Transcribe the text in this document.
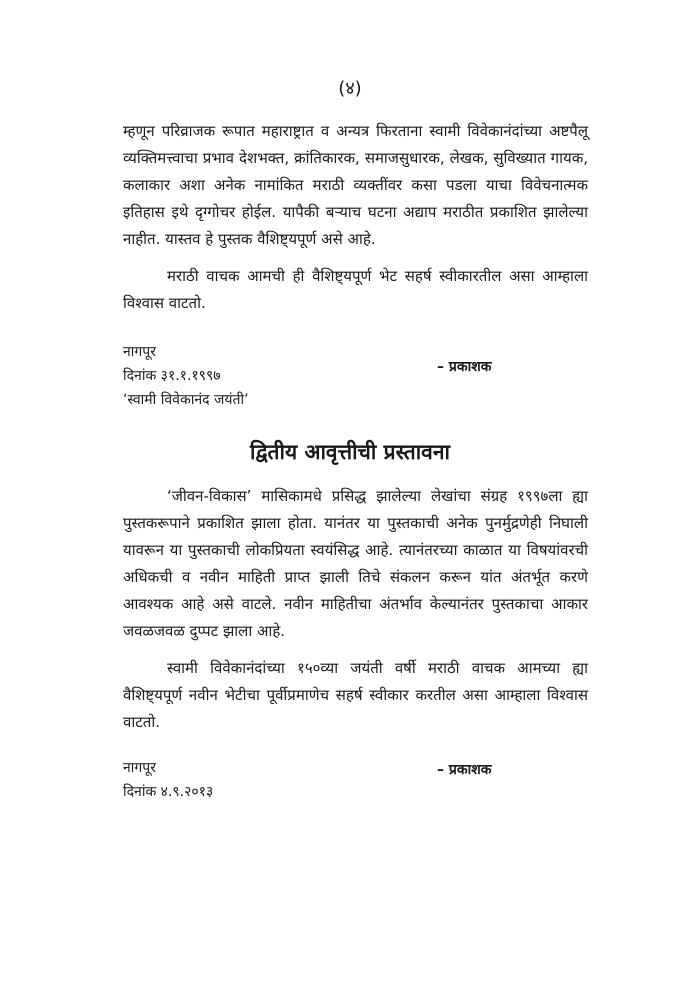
(४)

म्हणून परिव्राजक रूपात महाराष्ट्रात व अन्यत्र फिरताना स्वामी विवेकानंदांच्या अष्टपैलू व्यक्तिमत्त्वाचा प्रभाव देशभक्त, क्रांतिकारक, समाजसुधारक, लेखक, सुविख्यात गायक, कलाकार अशा अनेक नामांकित मराठी व्यक्तींवर कसा पडला याचा विवेचनात्मक इतिहास इथे दृग्गोचर होईल. यापैकी बऱ्याच घटना अद्याप मराठीत प्रकाशित झालेल्या नाहीत. यास्तव हे पुस्तक वैशिष्ट्यपूर्ण असे आहे.

मराठी वाचक आमची ही वैशिष्ट्यपूर्ण भेट सहर्ष स्वीकारतील असा आम्हाला विश्वास वाटतो.

नागपूर
दिनांक ३१.१.१९९७
‘स्वामी विवेकानंद जयंती’
– प्रकाशक
द्वितीय आवृत्तीची प्रस्तावना

‘जीवन-विकास’ मासिकामधे प्रसिद्ध झालेल्या लेखांचा संग्रह १९९७ला ह्या पुस्तकरूपाने प्रकाशित झाला होता. यानंतर या पुस्तकाची अनेक पुनर्मुद्रणेही निघाली यावरून या पुस्तकाची लोकप्रियता स्वयंसिद्ध आहे. त्यानंतरच्या काळात या विषयांवरची अधिकची व नवीन माहिती प्राप्त झाली तिचे संकलन करून यांत अंतर्भूत करणे आवश्यक आहे असे वाटले. नवीन माहितीचा अंतर्भाव केल्यानंतर पुस्तकाचा आकार जवळजवळ दुप्पट झाला आहे.

स्वामी विवेकानंदांच्या १५०व्या जयंती वर्षी मराठी वाचक आमच्या ह्या वैशिष्ट्यपूर्ण नवीन भेटीचा पूर्वीप्रमाणेच सहर्ष स्वीकार करतील असा आम्हाला विश्वास वाटतो.

नागपूर
दिनांक ४.९.२०१३
– प्रकाशक
